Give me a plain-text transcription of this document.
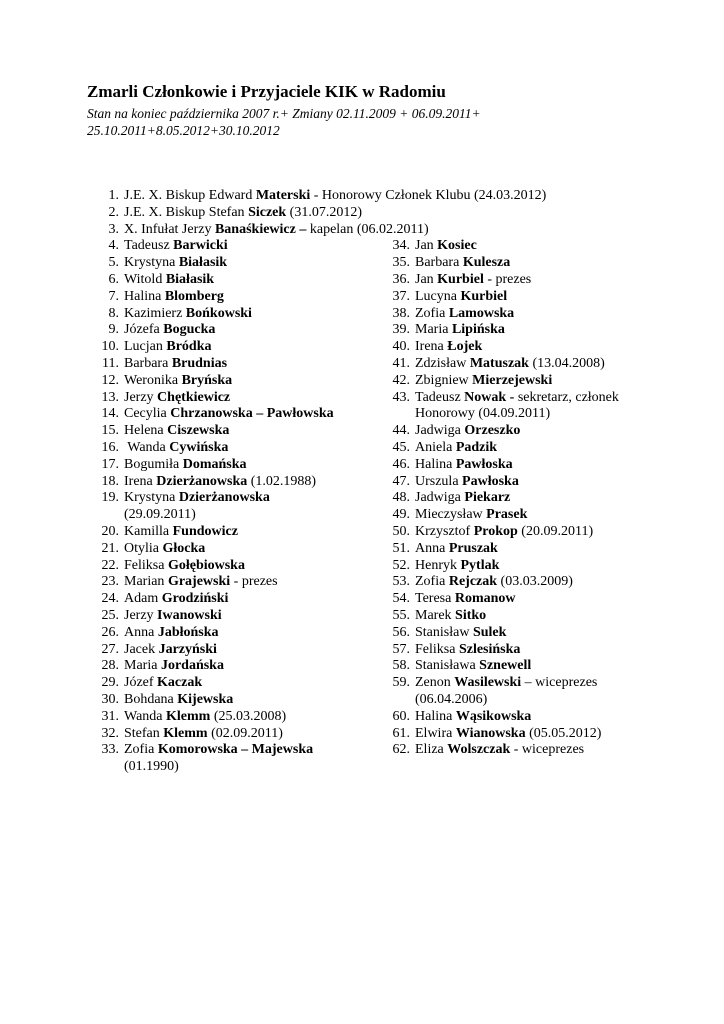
Zmarli Członkowie i Przyjaciele KIK w Radomiu
Stan na koniec października 2007 r.+ Zmiany 02.11.2009 + 06.09.2011+
25.10.2011+8.05.2012+30.10.2012
1. J.E. X. Biskup Edward Materski - Honorowy Członek Klubu (24.03.2012)
2. J.E. X. Biskup Stefan Siczek (31.07.2012)
3. X. Infułat Jerzy Banaśkiewicz – kapelan (06.02.2011)
4. Tadeusz Barwicki
5. Krystyna Białasik
6. Witold Białasik
7. Halina Blomberg
8. Kazimierz Bońkowski
9. Józefa Bogucka
10. Lucjan Bródka
11. Barbara Brudnias
12. Weronika Bryńska
13. Jerzy Chętkiewicz
14. Cecylia Chrzanowska – Pawłowska
15. Helena Ciszewska
16. Wanda Cywińska
17. Bogumiła Domańska
18. Irena Dzierżanowska (1.02.1988)
19. Krystyna Dzierżanowska
(29.09.2011)
20. Kamilla Fundowicz
21. Otylia Głocka
22. Feliksa Gołębiowska
23. Marian Grajewski - prezes
24. Adam Grodziński
25. Jerzy Iwanowski
26. Anna Jabłońska
27. Jacek Jarzyński
28. Maria Jordańska
29. Józef Kaczak
30. Bohdana Kijewska
31. Wanda Klemm (25.03.2008)
32. Stefan Klemm (02.09.2011)
33. Zofia Komorowska – Majewska
(01.1990)
34. Jan Kosiec
35. Barbara Kulesza
36. Jan Kurbiel - prezes
37. Lucyna Kurbiel
38. Zofia Lamowska
39. Maria Lipińska
40. Irena Łojek
41. Zdzisław Matuszak (13.04.2008)
42. Zbigniew Mierzejewski
43. Tadeusz Nowak - sekretarz, członek
Honorowy (04.09.2011)
44. Jadwiga Orzeszko
45. Aniela Padzik
46. Halina Pawłoska
47. Urszula Pawłoska
48. Jadwiga Piekarz
49. Mieczysław Prasek
50. Krzysztof Prokop (20.09.2011)
51. Anna Pruszak
52. Henryk Pytlak
53. Zofia Rejczak (03.03.2009)
54. Teresa Romanow
55. Marek Sitko
56. Stanisław Sulek
57. Feliksa Szlesińska
58. Stanisława Sznewell
59. Zenon Wasilewski – wiceprezes
(06.04.2006)
60. Halina Wąsikowska
61. Elwira Wianowska (05.05.2012)
62. Eliza Wolszczak - wiceprezes
